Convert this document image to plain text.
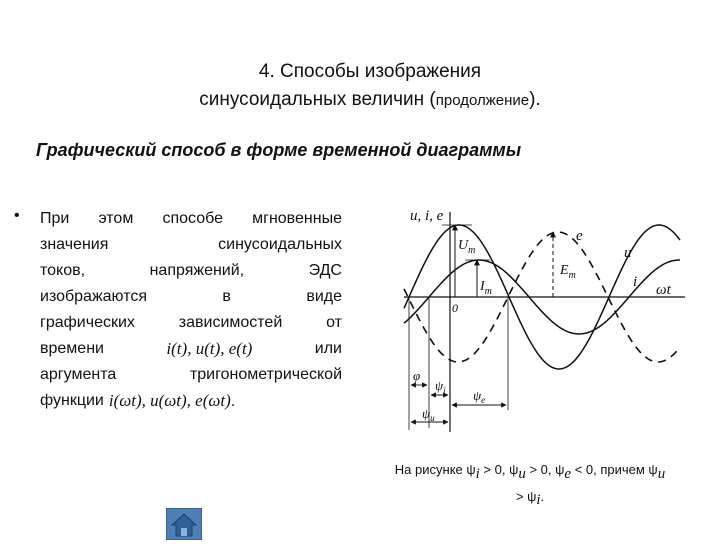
4. Способы изображения
синусоидальных величин (продолжение).
Графический способ в форме временной диаграммы
• При этом способе мгновенные
значения	синусоидальных
токов,	напряжений,	ЭДС
изображаются	в	виде
графических	зависимостей	от
времени	i(t), u(t), e(t)	или
аргумента	тригонометрической
функции i(ωt), u(ωt), e(ωt).
u, i, e
ωt
0
e
u
i
$U_m$
$I_m$
$E_m$
φ
$\psi_i$ $\psi_e$
$\psi_u$
На рисунке $\psi_i > 0$, $\psi_u > 0$, $\psi_e < 0$, причем $\psi_u$
> $\psi_i$.
